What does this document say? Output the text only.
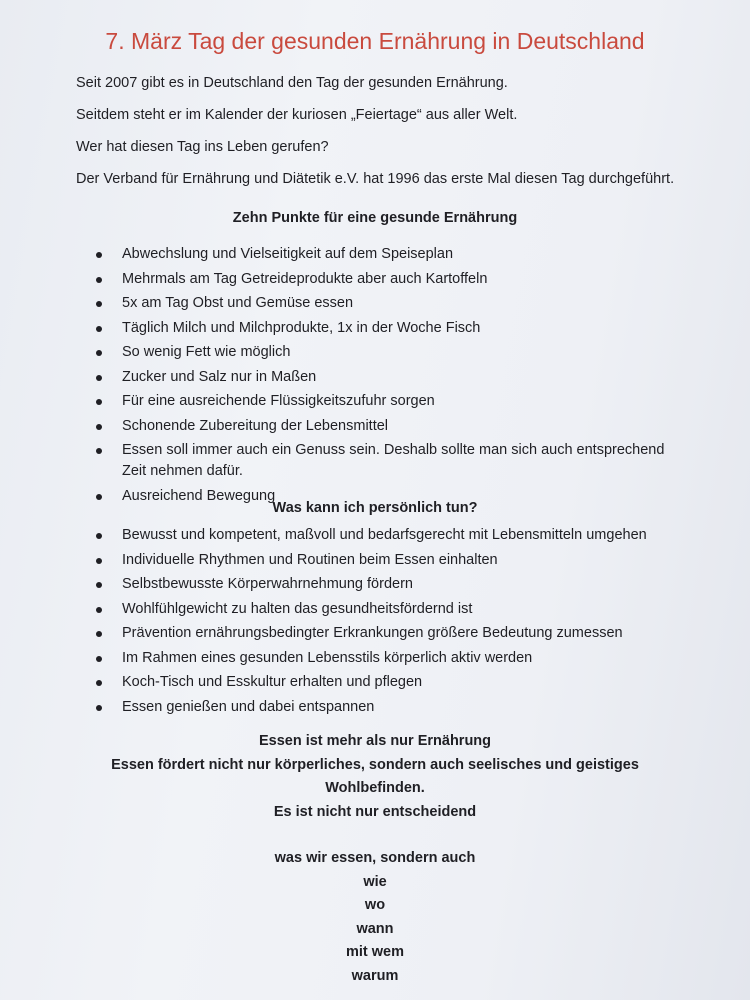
7. März Tag der gesunden Ernährung in Deutschland

Seit 2007 gibt es in Deutschland den Tag der gesunden Ernährung.

Seitdem steht er im Kalender der kuriosen „Feiertage“ aus aller Welt.

Wer hat diesen Tag ins Leben gerufen?

Der Verband für Ernährung und Diätetik e.V. hat 1996 das erste Mal diesen Tag durchgeführt.

Zehn Punkte für eine gesunde Ernährung
Abwechslung und Vielseitigkeit auf dem Speiseplan
Mehrmals am Tag Getreideprodukte aber auch Kartoffeln
5x am Tag Obst und Gemüse essen
Täglich Milch und Milchprodukte, 1x in der Woche Fisch
So wenig Fett wie möglich
Zucker und Salz nur in Maßen
Für eine ausreichende Flüssigkeitszufuhr sorgen
Schonende Zubereitung der Lebensmittel
Essen soll immer auch ein Genuss sein. Deshalb sollte man sich auch entsprechend Zeit nehmen dafür.
Ausreichend Bewegung
Was kann ich persönlich tun?
Bewusst und kompetent, maßvoll und bedarfsgerecht mit Lebensmitteln umgehen
Individuelle Rhythmen und Routinen beim Essen einhalten
Selbstbewusste Körperwahrnehmung fördern
Wohlfühlgewicht zu halten das gesundheitsfördernd ist
Prävention ernährungsbedingter Erkrankungen größere Bedeutung zumessen
Im Rahmen eines gesunden Lebensstils körperlich aktiv werden
Koch-Tisch und Esskultur erhalten und pflegen
Essen genießen und dabei entspannen
Essen ist mehr als nur Ernährung
Essen fördert nicht nur körperliches, sondern auch seelisches und geistiges Wohlbefinden.
Es ist nicht nur entscheidend
was wir essen, sondern auch
wie
wo
wann
mit wem
warum
